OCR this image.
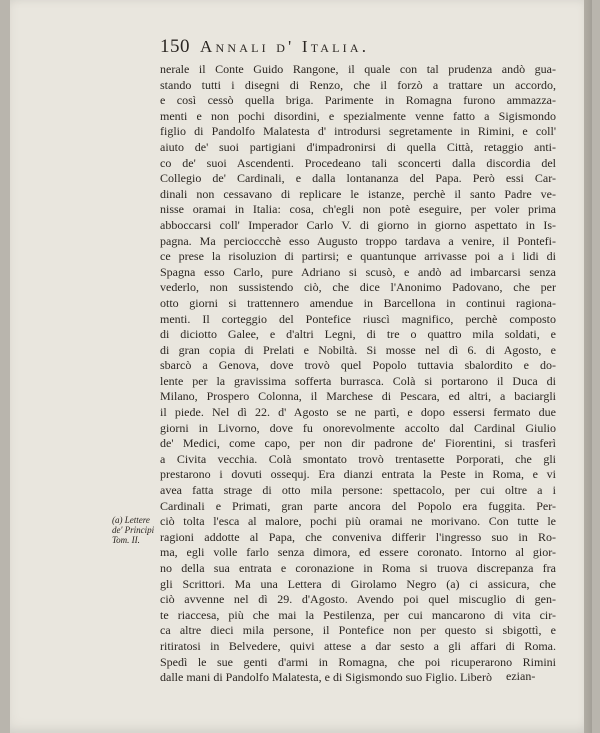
150 Annali d' Italia.
nerale il Conte Guido Rangone, il quale con tal prudenza andò gua-
stando tutti i disegni di Renzo, che il forzò a trattare un accordo,
e così cessò quella briga. Parimente in Romagna furono ammazza-
menti e non pochi disordini, e spezialmente venne fatto a Sigismondo
figlio di Pandolfo Malatesta d' introdursi segretamente in Rimini, e coll'
aiuto de' suoi partigiani d'impadronirsi di quella Città, retaggio anti-
co de' suoi Ascendenti. Procedeano tali sconcerti dalla discordia del
Collegio de' Cardinali, e dalla lontananza del Papa. Però essi Car-
dinali non cessavano di replicare le istanze, perchè il santo Padre ve-
nisse oramai in Italia: cosa, ch'egli non potè eseguire, per voler prima
abboccarsi coll' Imperador Carlo V. di giorno in giorno aspettato in Is-
pagna. Ma percioccchè esso Augusto troppo tardava a venire, il Pontefi-
ce prese la risoluzion di partirsi; e quantunque arrivasse poi a i lidi di
Spagna esso Carlo, pure Adriano si scusò, e andò ad imbarcarsi senza
vederlo, non sussistendo ciò, che dice l'Anonimo Padovano, che per
otto giorni si trattennero amendue in Barcellona in continui ragiona-
menti. Il corteggio del Pontefice riuscì magnifico, perchè composto
di diciotto Galee, e d'altri Legni, di tre o quattro mila soldati, e
di gran copia di Prelati e Nobiltà. Si mosse nel dì 6. di Agosto, e
sbarcò a Genova, dove trovò quel Popolo tuttavia sbalordito e do-
lente per la gravissima sofferta burrasca. Colà si portarono il Duca di
Milano, Prospero Colonna, il Marchese di Pescara, ed altri, a baciargli
il piede. Nel dì 22. d' Agosto se ne partì, e dopo essersi fermato due
giorni in Livorno, dove fu onorevolmente accolto dal Cardinal Giulio
de' Medici, come capo, per non dir padrone de' Fiorentini, si trasferì
a Civita vecchia. Colà smontato trovò trentasette Porporati, che gli
prestarono i dovuti ossequj. Era dianzi entrata la Peste in Roma, e vi
avea fatta strage di otto mila persone: spettacolo, per cui oltre a i
Cardinali e Primati, gran parte ancora del Popolo era fuggita. Per-
ciò tolta l'esca al malore, pochi più oramai ne morivano. Con tutte le
ragioni addotte al Papa, che conveniva differir l'ingresso suo in Ro-
ma, egli volle farlo senza dimora, ed essere coronato. Intorno al gior-
no della sua entrata e coronazione in Roma si truova discrepanza fra
gli Scrittori. Ma una Lettera di Girolamo Negro (a) ci assicura, che
ciò avvenne nel dì 29. d'Agosto. Avendo poi quel miscuglio di gen-
te riaccesa, più che mai la Pestilenza, per cui mancarono di vita cir-
ca altre dieci mila persone, il Pontefice non per questo si sbigottì, e
ritiratosi in Belvedere, quivi attese a dar sesto a gli affari di Roma.
Spedì le sue genti d'armi in Romagna, che poi ricuperarono Rimini
dalle mani di Pandolfo Malatesta, e di Sigismondo suo Figlio. Liberò
(a) Lettere
de' Principi
Tom. II.
ezian-
